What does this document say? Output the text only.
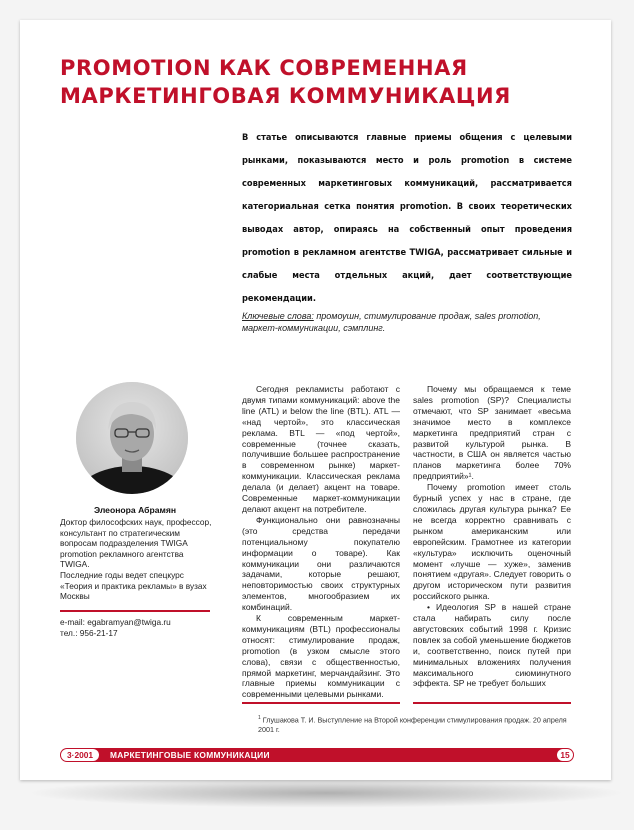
PROMOTION КАК СОВРЕМЕННАЯ МАРКЕТИНГОВАЯ КОММУНИКАЦИЯ

В статье описываются главные приемы общения с целевыми рынками, показываются место и роль promotion в системе современных маркетинговых коммуникаций, рассматривается категориальная сетка понятия promotion. В своих теоретических выводах автор, опираясь на собственный опыт проведения promotion в рекламном агентстве TWIGA, рассматривает сильные и слабые места отдельных акций, дает соответствующие рекомендации.

Ключевые слова: промоушн, стимулирование продаж, sales promotion, маркет-коммуникации, сэмплинг.

Элеонора Абрамян

Доктор философских наук, профессор, консультант по стратегическим вопросам подразделения TWIGA promotion рекламного агентства TWIGA.

Последние годы ведет спецкурс «Теория и практика рекламы» в вузах Москвы

e-mail: egabramyan@twiga.ru

тел.: 956-21-17

Сегодня рекламисты работают с двумя типами коммуникаций: above the line (ATL) и below the line (BTL). ATL — «над чертой», это классическая реклама. BTL — «под чертой», современные (точнее сказать, получившие большее распространение в современном рынке) маркет-коммуникации. Классическая реклама делала (и делает) акцент на товаре. Современные маркет-коммуникации делают акцент на потребителе.

Функционально они равнозначны (это средства передачи потенциальному покупателю информации о товаре). Как коммуникации они различаются задачами, которые решают, неповторимостью своих структурных элементов, многообразием их комбинаций.

К современным маркет-коммуникациям (BTL) профессионалы относят: стимулирование продаж, promotion (в узком смысле этого слова), связи с общественностью, прямой маркетинг, мерчандайзинг. Это главные приемы коммуникации с современными целевыми рынками.

Почему мы обращаемся к теме sales promotion (SP)? Специалисты отмечают, что SP занимает «весьма значимое место в комплексе маркетинга предприятий стран с развитой культурой рынка. В частности, в США он является частью планов маркетинга более 70% предприятий»¹.

Почему promotion имеет столь бурный успех у нас в стране, где сложилась другая культура рынка? Ее не всегда корректно сравнивать с рынком американским или европейским. Грамотнее из категории «культура» исключить оценочный момент «лучше — хуже», заменив понятием «другая». Следует говорить о другом историческом пути развития российского рынка.

• Идеология SP в нашей стране стала набирать силу после августовских событий 1998 г. Кризис повлек за собой уменьшение бюджетов и, соответственно, поиск путей при минимальных вложениях получения максимального сиюминутного эффекта. SP не требует больших

$^1$ Глушакова Т. И. Выступление на Второй конференции стимулирования продаж. 20 апреля 2001 г.

3·2001	МАРКЕТИНГОВЫЕ КОММУНИКАЦИИ	15
